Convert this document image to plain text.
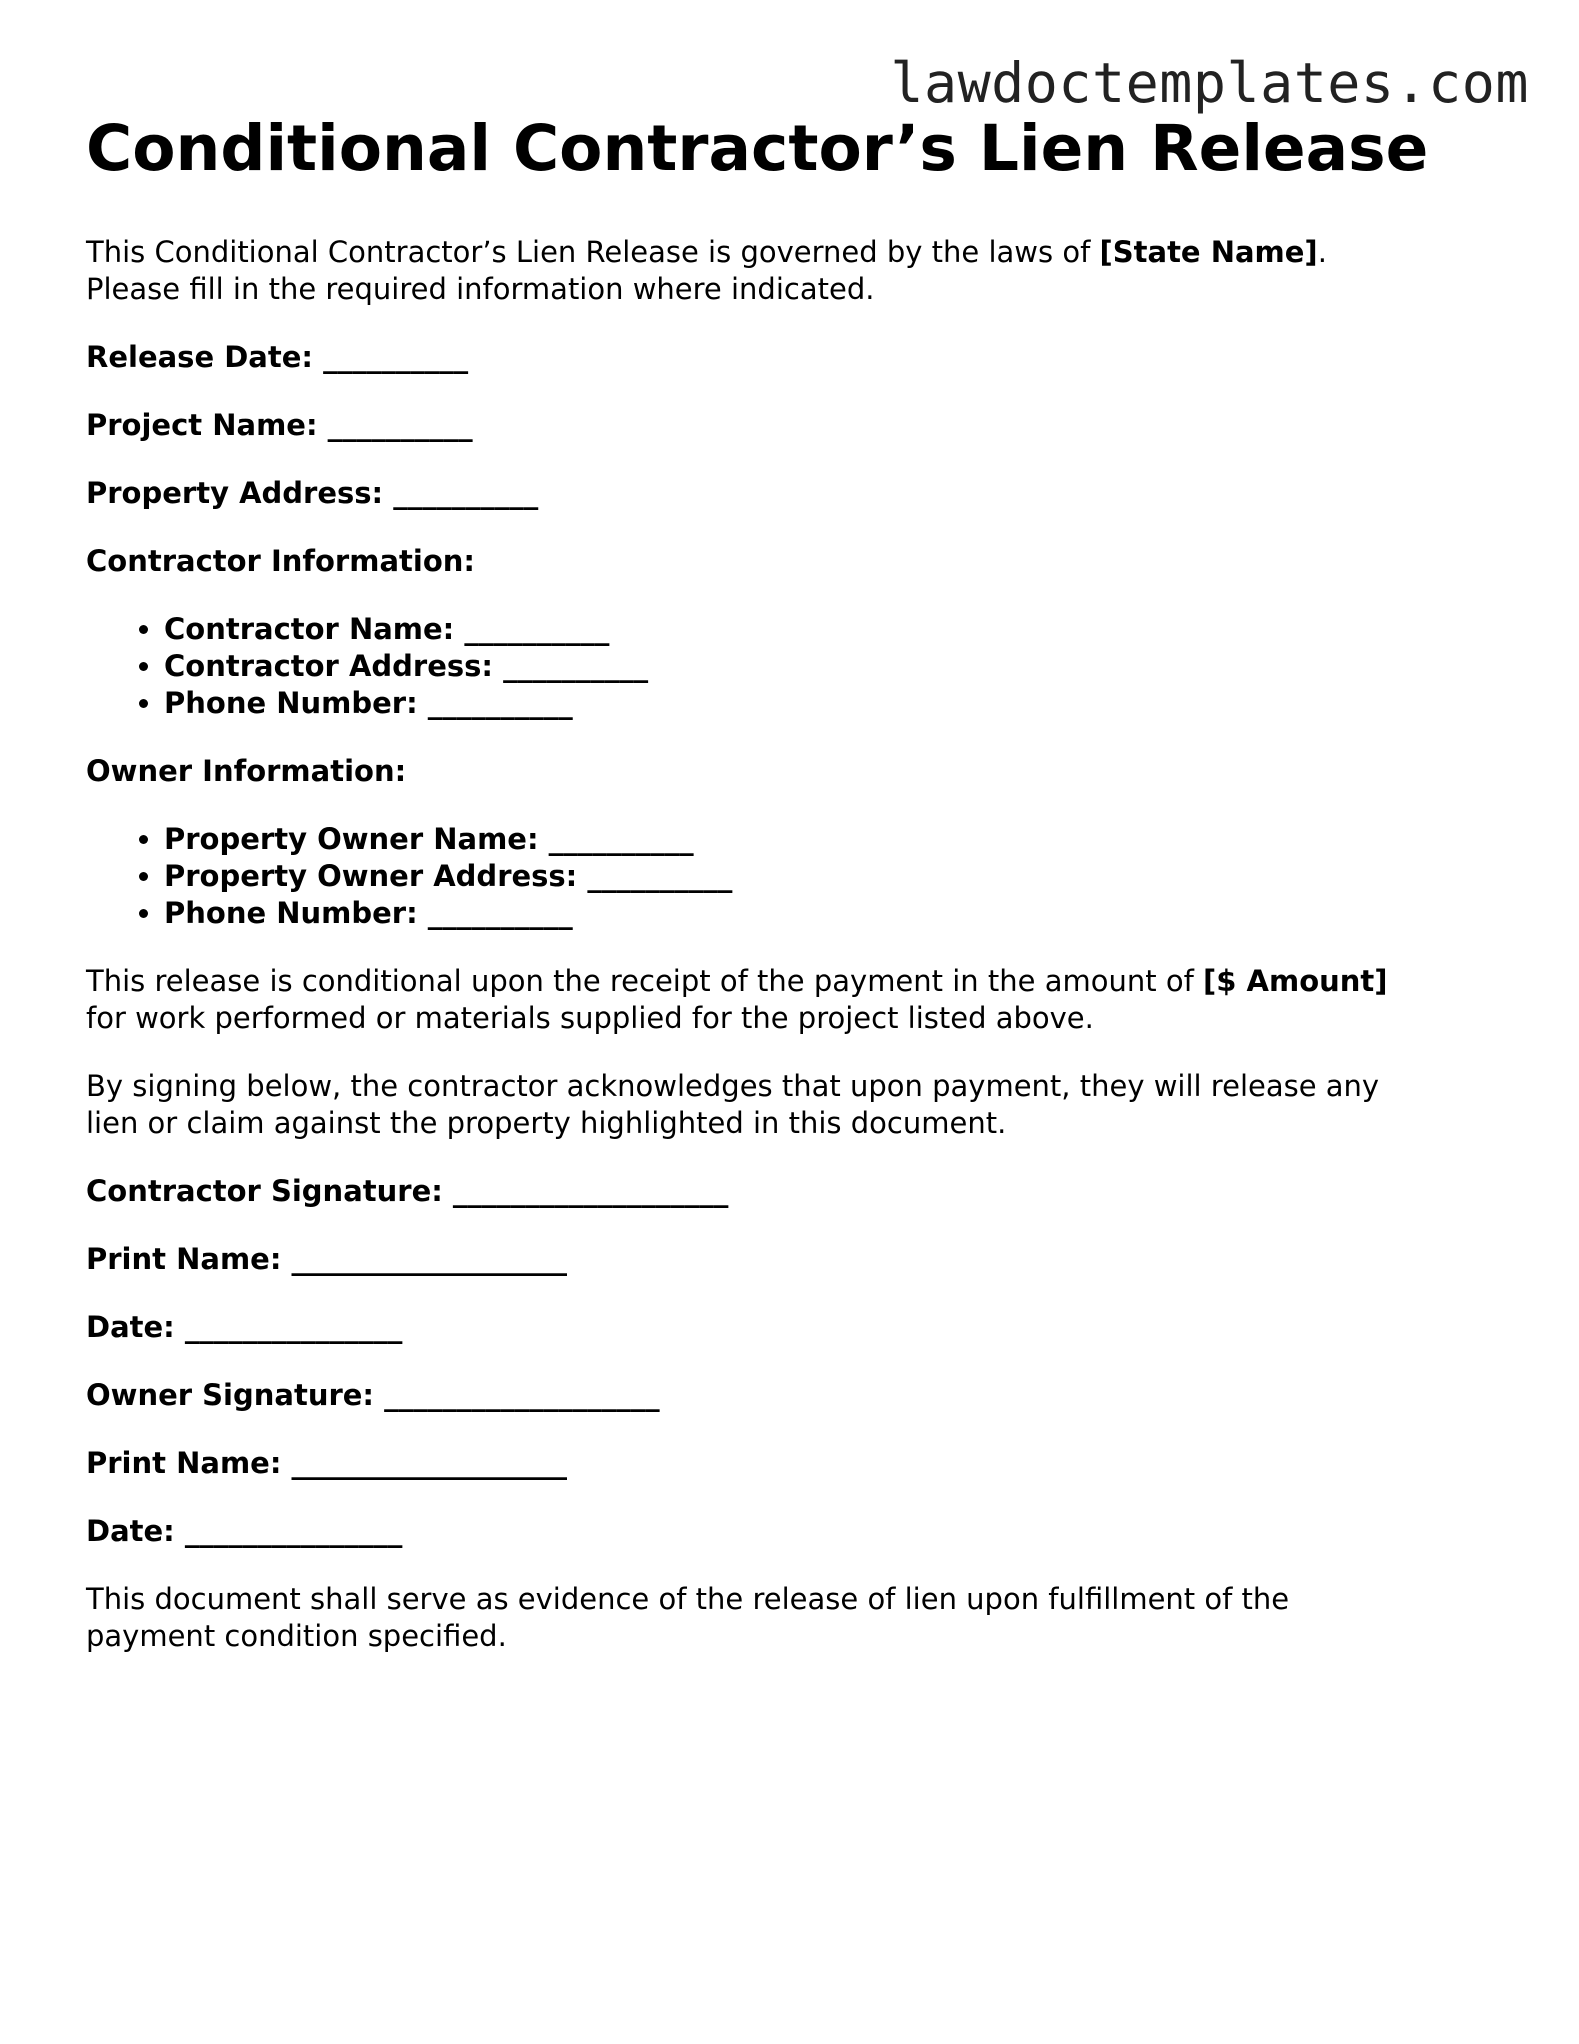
lawdoctemplates.com
Conditional Contractor’s Lien Release

This Conditional Contractor’s Lien Release is governed by the laws of [State Name].
Please fill in the required information where indicated.

Release Date: __________

Project Name: __________

Property Address: __________

Contractor Information:

• Contractor Name: __________
• Contractor Address: __________
• Phone Number: __________

Owner Information:

• Property Owner Name: __________
• Property Owner Address: __________
• Phone Number: __________

This release is conditional upon the receipt of the payment in the amount of [$ Amount]
for work performed or materials supplied for the project listed above.

By signing below, the contractor acknowledges that upon payment, they will release any
lien or claim against the property highlighted in this document.

Contractor Signature: ___________________

Print Name: ___________________

Date: _______________

Owner Signature: ___________________

Print Name: ___________________

Date: _______________

This document shall serve as evidence of the release of lien upon fulfillment of the
payment condition specified.
